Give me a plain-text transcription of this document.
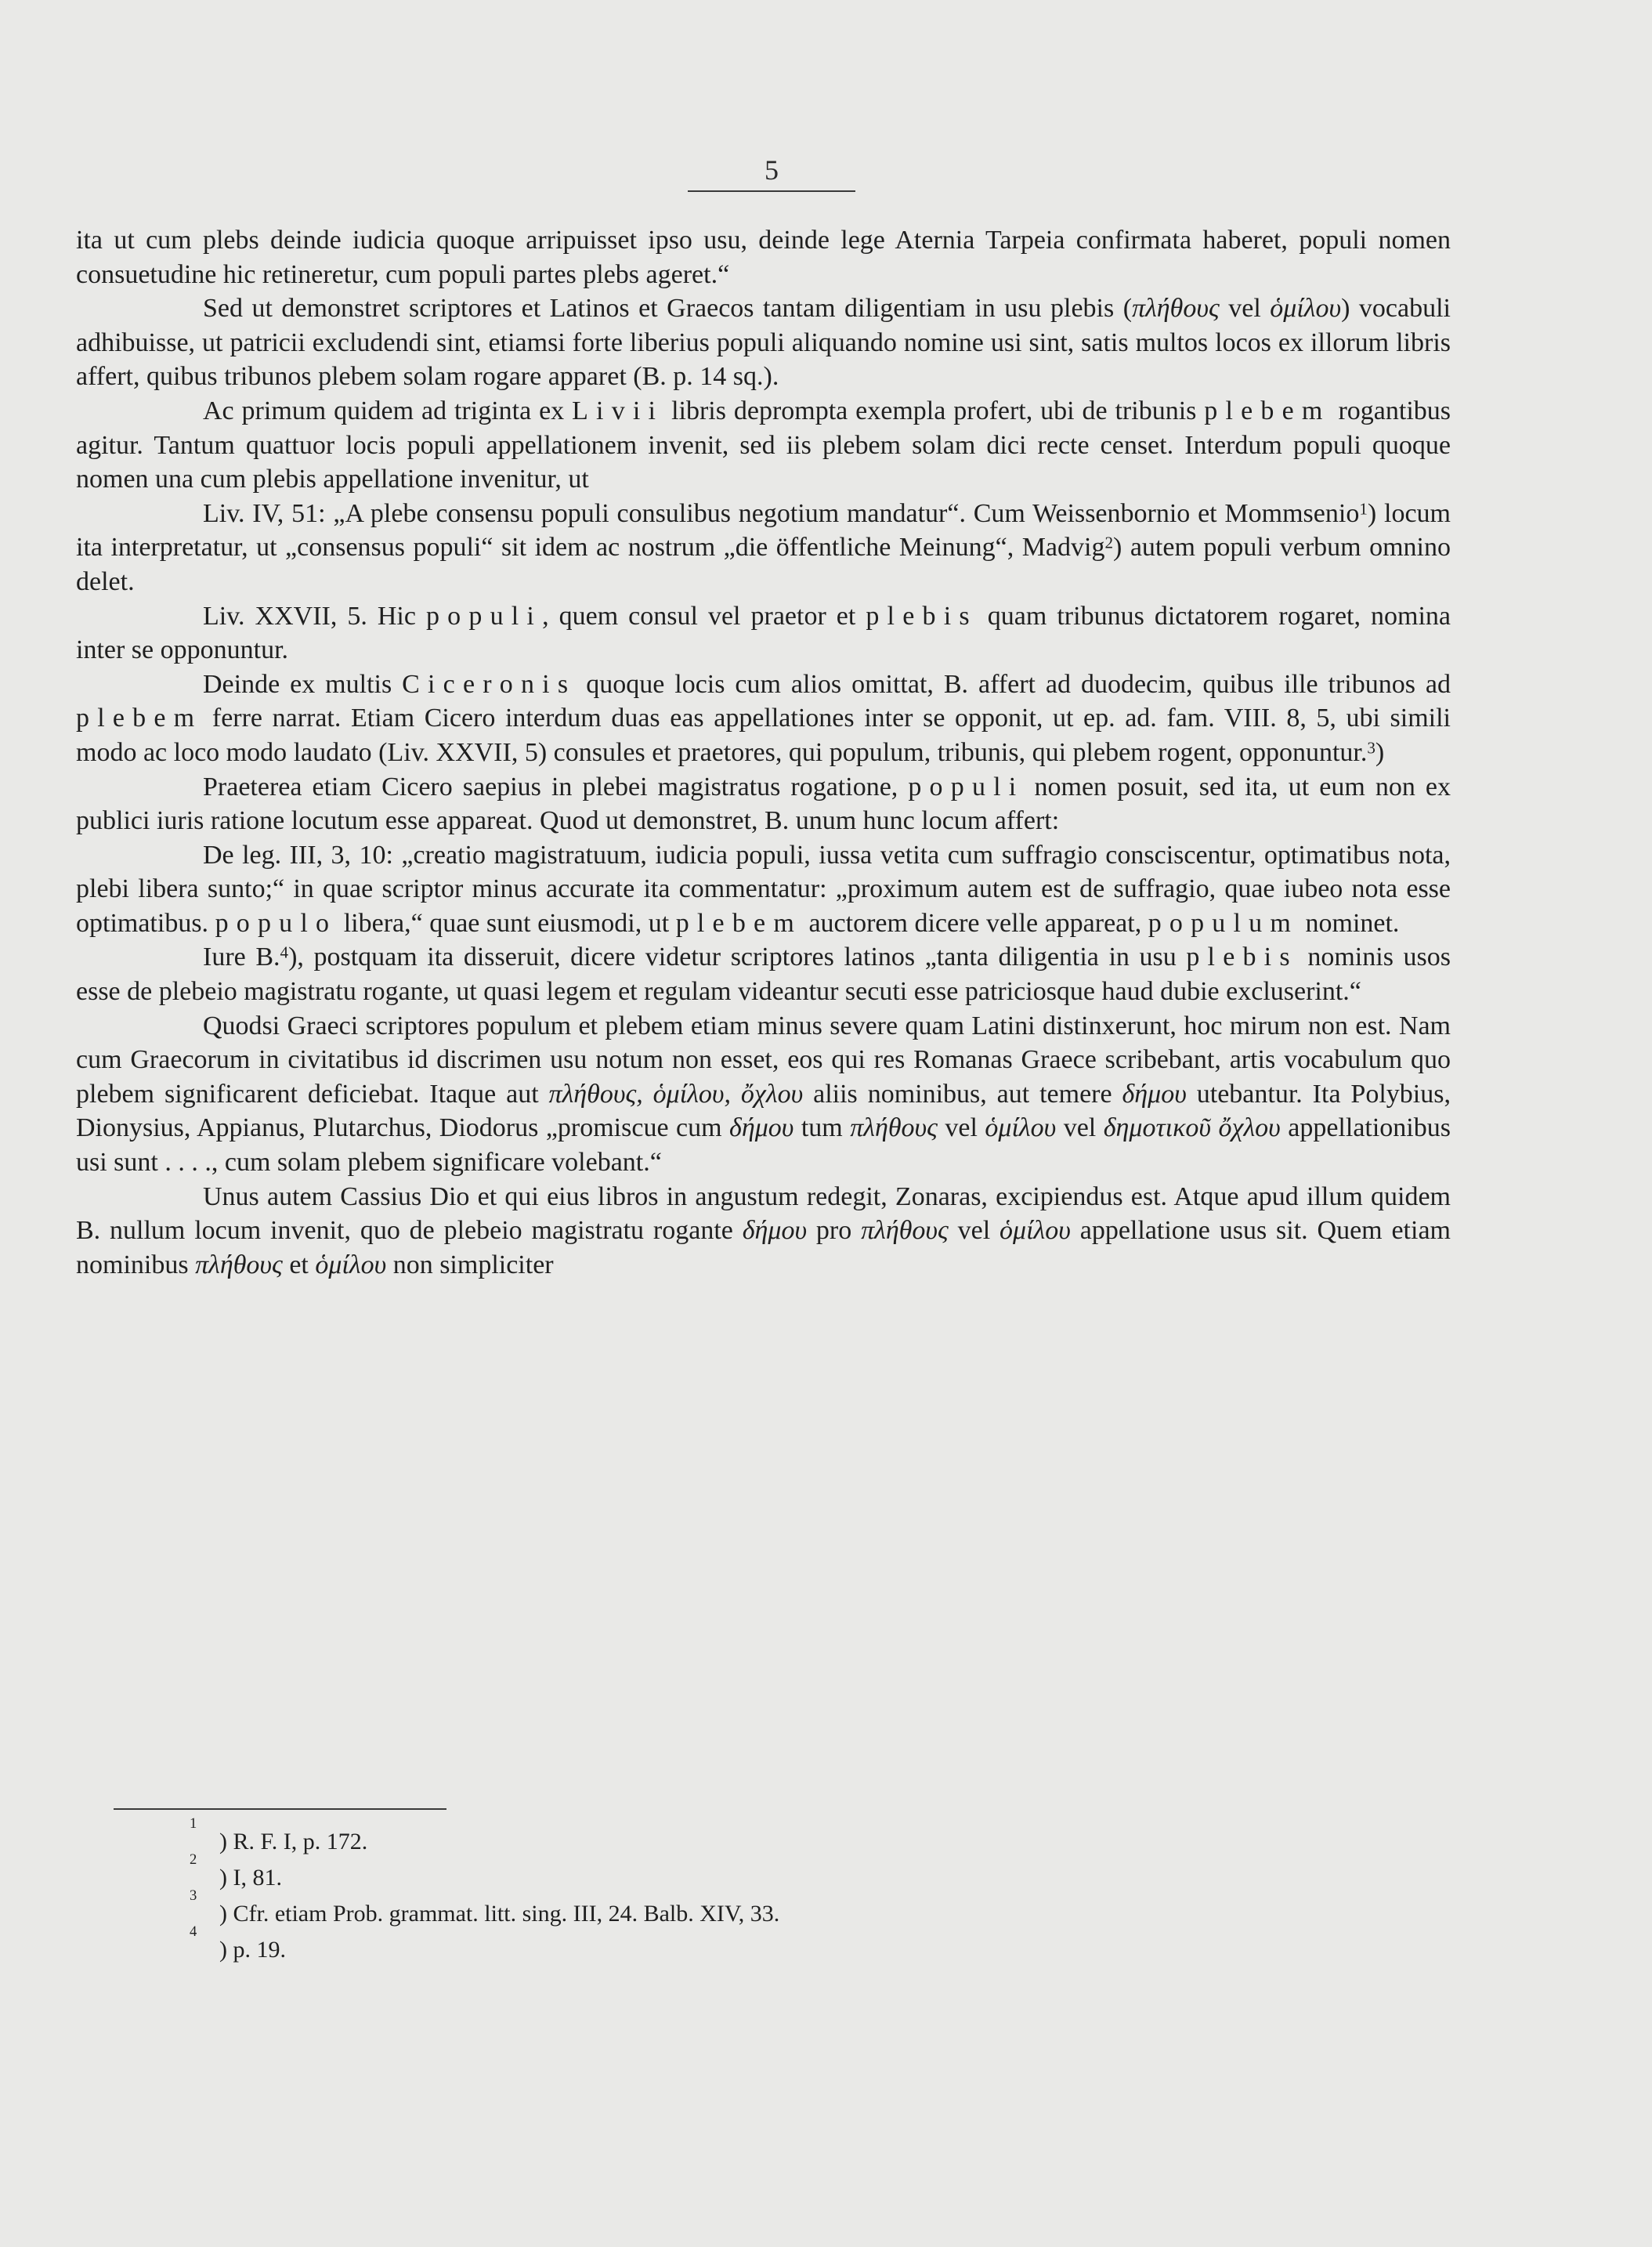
5

ita ut cum plebs deinde iudicia quoque arripuisset ipso usu, deinde lege Aternia Tarpeia confirmata haberet, populi nomen consuetudine hic retineretur, cum populi partes plebs ageret.“

Sed ut demonstret scriptores et Latinos et Graecos tantam diligentiam in usu plebis (πλήθους vel ὁμίλου) vocabuli adhibuisse, ut patricii excludendi sint, etiamsi forte liberius populi aliquando nomine usi sint, satis multos locos ex illorum libris affert, quibus tribunos plebem solam rogare apparet (B. p. 14 sq.).

Ac primum quidem ad triginta ex Livii libris deprompta exempla profert, ubi de tribunis plebem rogantibus agitur. Tantum quattuor locis populi appellationem invenit, sed iis plebem solam dici recte censet. Interdum populi quoque nomen una cum plebis appellatione invenitur, ut

Liv. IV, 51: „A plebe consensu populi consulibus negotium mandatur“. Cum Weissenbornio et Mommsenio$^1$) locum ita interpretatur, ut „consensus populi“ sit idem ac nostrum „die öffentliche Meinung“, Madvig$^2$) autem populi verbum omnino delet.

Liv. XXVII, 5. Hic populi, quem consul vel praetor et plebis quam tribunus dictatorem rogaret, nomina inter se opponuntur.

Deinde ex multis Ciceronis quoque locis cum alios omittat, B. affert ad duodecim, quibus ille tribunos ad plebem ferre narrat. Etiam Cicero interdum duas eas appellationes inter se opponit, ut ep. ad. fam. VIII. 8, 5, ubi simili modo ac loco modo laudato (Liv. XXVII, 5) consules et praetores, qui populum, tribunis, qui plebem rogent, opponuntur.$^3$)

Praeterea etiam Cicero saepius in plebei magistratus rogatione, populi nomen posuit, sed ita, ut eum non ex publici iuris ratione locutum esse appareat. Quod ut demonstret, B. unum hunc locum affert:

De leg. III, 3, 10: „creatio magistratuum, iudicia populi, iussa vetita cum suffragio consciscentur, optimatibus nota, plebi libera sunto;“ in quae scriptor minus accurate ita commentatur: „proximum autem est de suffragio, quae iubeo nota esse optimatibus. populo libera,“ quae sunt eiusmodi, ut plebem auctorem dicere velle appareat, populum nominet.

Iure B.$^4$), postquam ita disseruit, dicere videtur scriptores latinos „tanta diligentia in usu plebis nominis usos esse de plebeio magistratu rogante, ut quasi legem et regulam videantur secuti esse patriciosque haud dubie excluserint.“

Quodsi Graeci scriptores populum et plebem etiam minus severe quam Latini distinxerunt, hoc mirum non est. Nam cum Graecorum in civitatibus id discrimen usu notum non esset, eos qui res Romanas Graece scribebant, artis vocabulum quo plebem significarent deficiebat. Itaque aut πλήθους, ὁμίλου, ὄχλου aliis nominibus, aut temere δήμου utebantur. Ita Polybius, Dionysius, Appianus, Plutarchus, Diodorus „promiscue cum δήμου tum πλήθους vel ὁμίλου vel δημοτικοῦ ὄχλου appellationibus usi sunt . . . ., cum solam plebem significare volebant.“

Unus autem Cassius Dio et qui eius libros in angustum redegit, Zonaras, excipiendus est. Atque apud illum quidem B. nullum locum invenit, quo de plebeio magistratu rogante δήμου pro πλήθους vel ὁμίλου appellatione usus sit. Quem etiam nominibus πλήθους et ὁμίλου non simpliciter

1
) R. F. I, p. 172.
2
) I, 81.
3
) Cfr. etiam Prob. grammat. litt. sing. III, 24. Balb. XIV, 33.
4
) p. 19.
